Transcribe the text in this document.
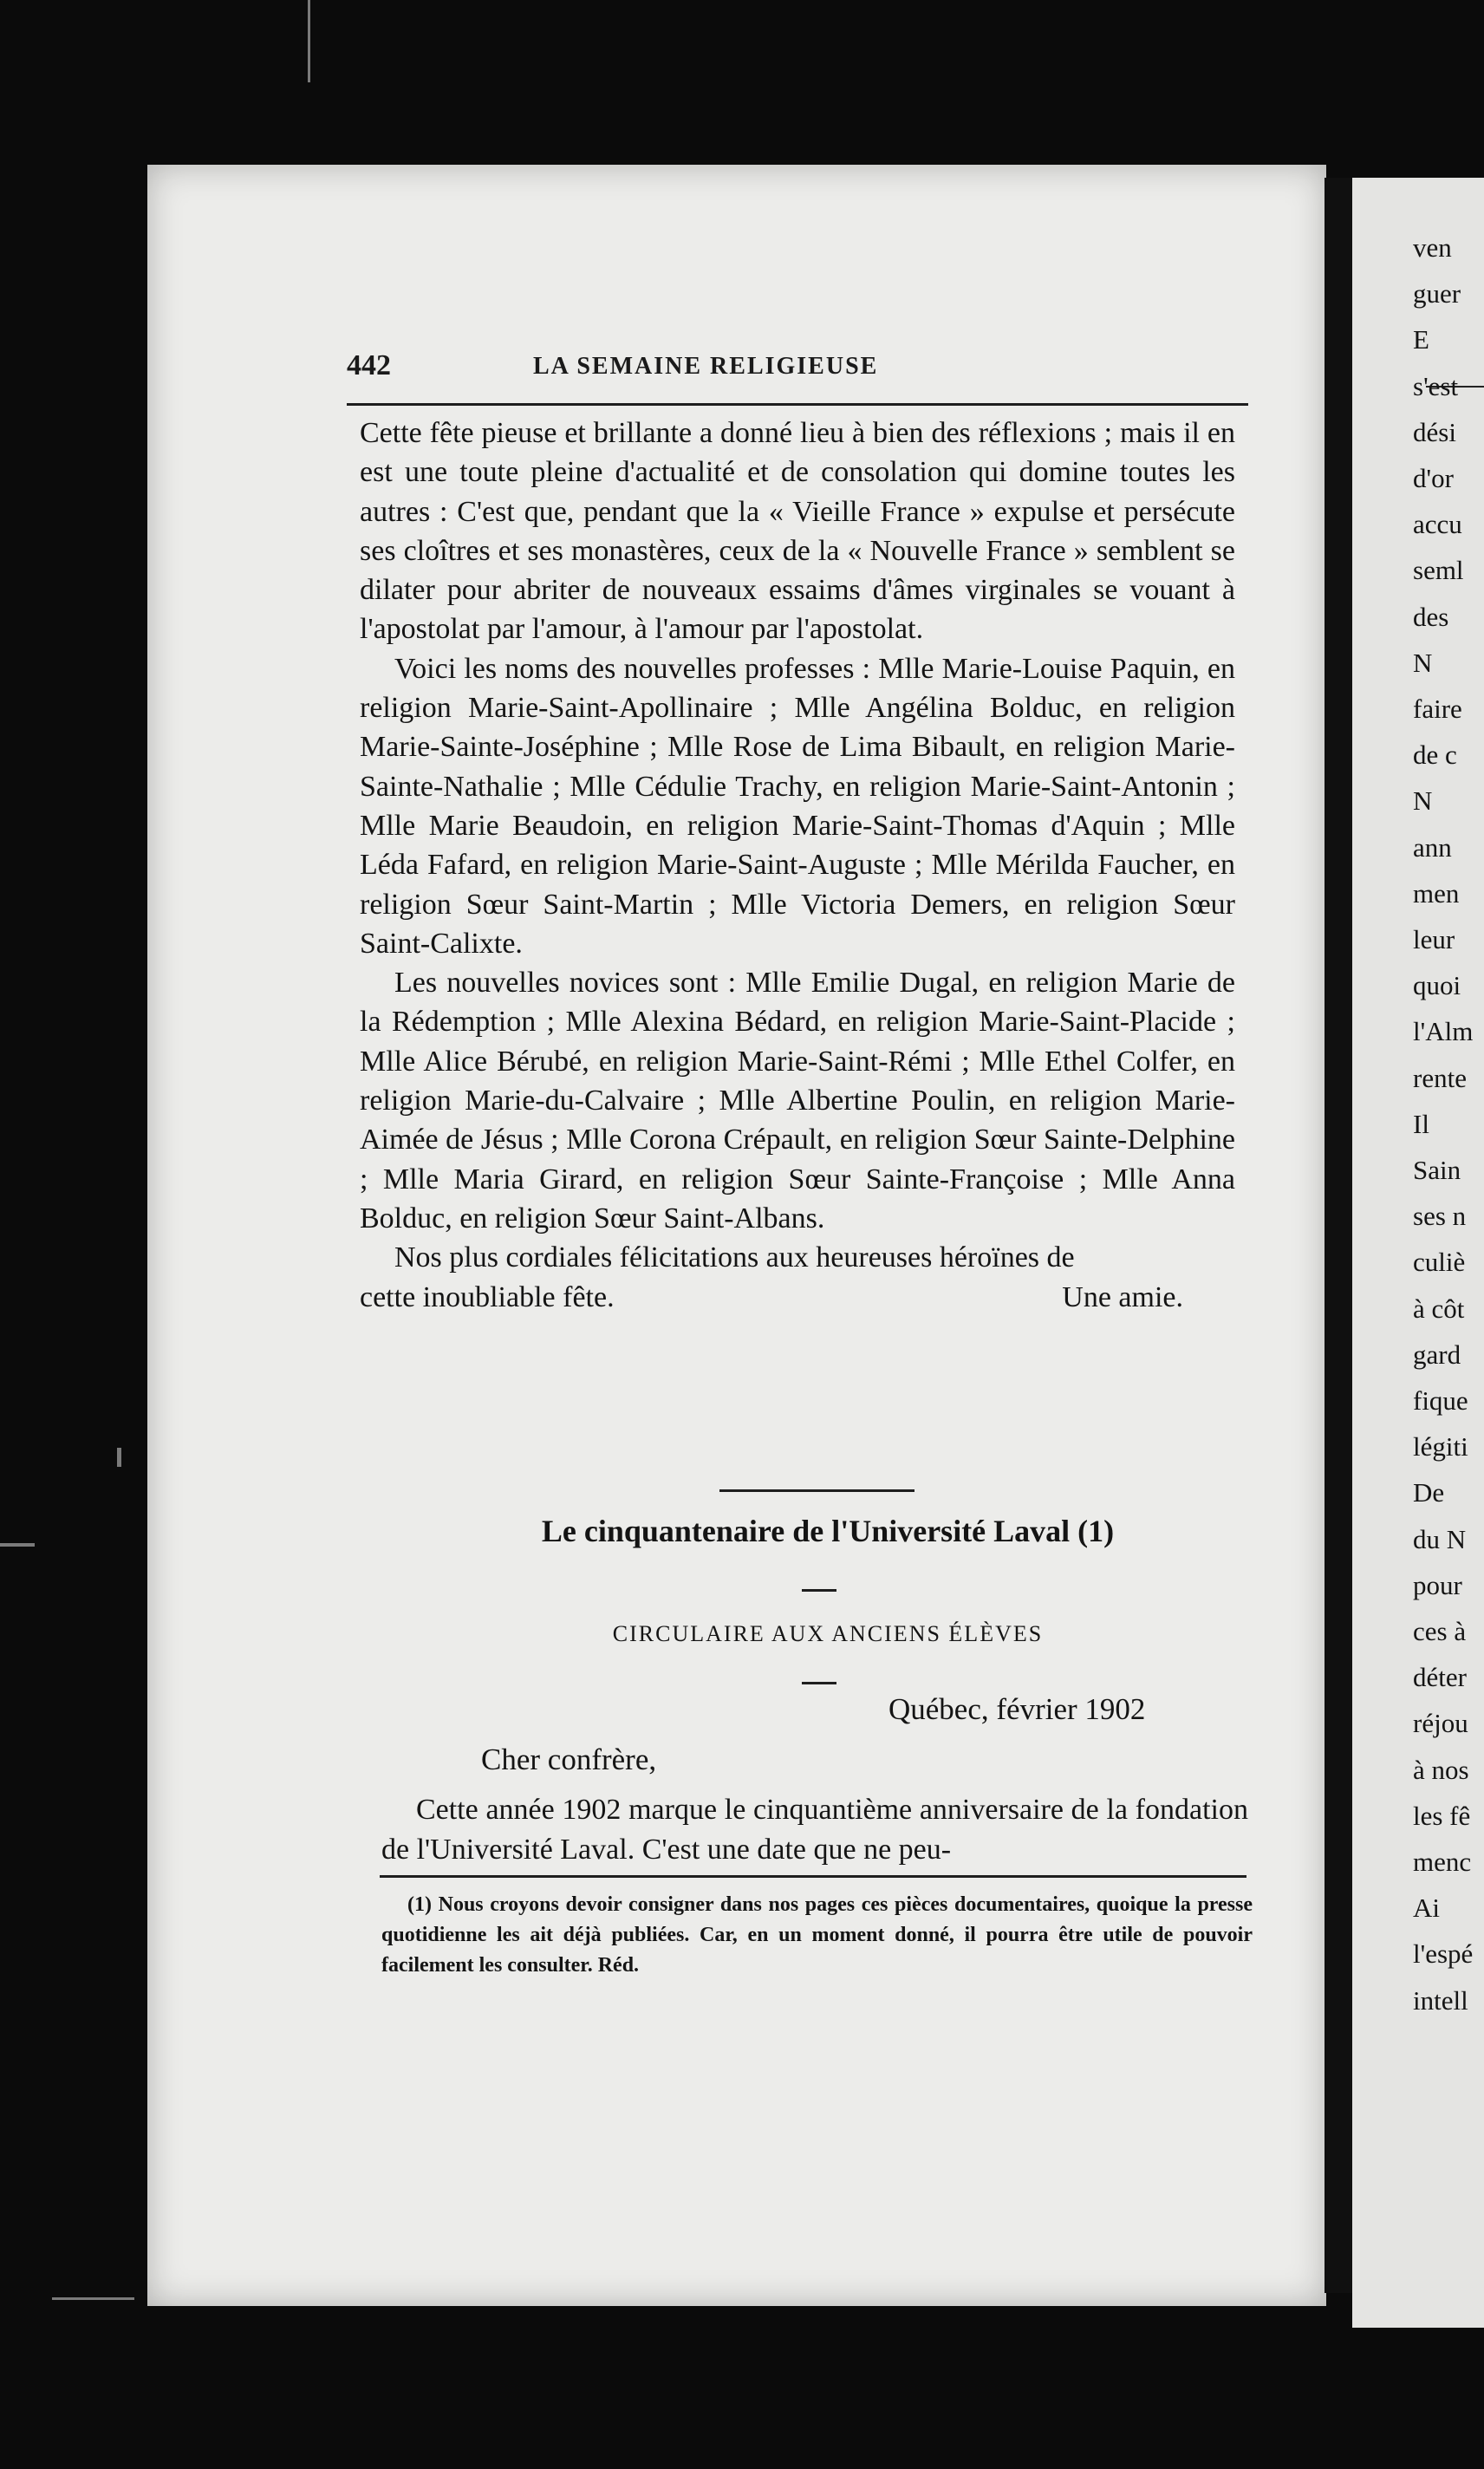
ven
guer
E
s'est
dési
d'or
accu
seml
des
N
faire
de c
N
ann
men
leur
quoi
l'Alm
rente
Il
Sain
ses n
culiè
à côt
gard
fique
légiti
De
du N
pour
ces à
déter
réjou
à nos
les fê
menc
Ai
l'espé
intell
442	LA SEMAINE RELIGIEUSE

Cette fête pieuse et brillante a donné lieu à bien des réflexions ; mais il en est une toute pleine d'actualité et de consolation qui domine toutes les autres : C'est que, pendant que la « Vieille France » expulse et persécute ses cloîtres et ses monastères, ceux de la « Nouvelle France » semblent se dilater pour abriter de nouveaux essaims d'âmes virginales se vouant à l'apostolat par l'amour, à l'amour par l'apostolat.

Voici les noms des nouvelles professes : Mlle Marie-Louise Paquin, en religion Marie-Saint-Apollinaire ; Mlle Angélina Bolduc, en religion Marie-Sainte-Joséphine ; Mlle Rose de Lima Bibault, en religion Marie-Sainte-Nathalie ; Mlle Cédulie Trachy, en religion Marie-Saint-Antonin ; Mlle Marie Beaudoin, en religion Marie-Saint-Thomas d'Aquin ; Mlle Léda Fafard, en religion Marie-Saint-Auguste ; Mlle Mérilda Faucher, en religion Sœur Saint-Martin ; Mlle Victoria Demers, en religion Sœur Saint-Calixte.

Les nouvelles novices sont : Mlle Emilie Dugal, en religion Marie de la Rédemption ; Mlle Alexina Bédard, en religion Marie-Saint-Placide ; Mlle Alice Bérubé, en religion Marie-Saint-Rémi ; Mlle Ethel Colfer, en religion Marie-du-Calvaire ; Mlle Albertine Poulin, en religion Marie-Aimée de Jésus ; Mlle Corona Crépault, en religion Sœur Sainte-Delphine ; Mlle Maria Girard, en religion Sœur Sainte-Françoise ; Mlle Anna Bolduc, en religion Sœur Saint-Albans.

Nos plus cordiales félicitations aux heureuses héroïnes de

cette inoubliable fête.	Une amie.

Le cinquantenaire de l'Université Laval (1)
CIRCULAIRE AUX ANCIENS ÉLÈVES
Québec, février 1902
Cher confrère,
Cette année 1902 marque le cinquantième anniversaire de la fondation de l'Université Laval. C'est une date que ne peu-
(1) Nous croyons devoir consigner dans nos pages ces pièces documentaires, quoique la presse quotidienne les ait déjà publiées. Car, en un moment donné, il pourra être utile de pouvoir facilement les consulter. Réd.
